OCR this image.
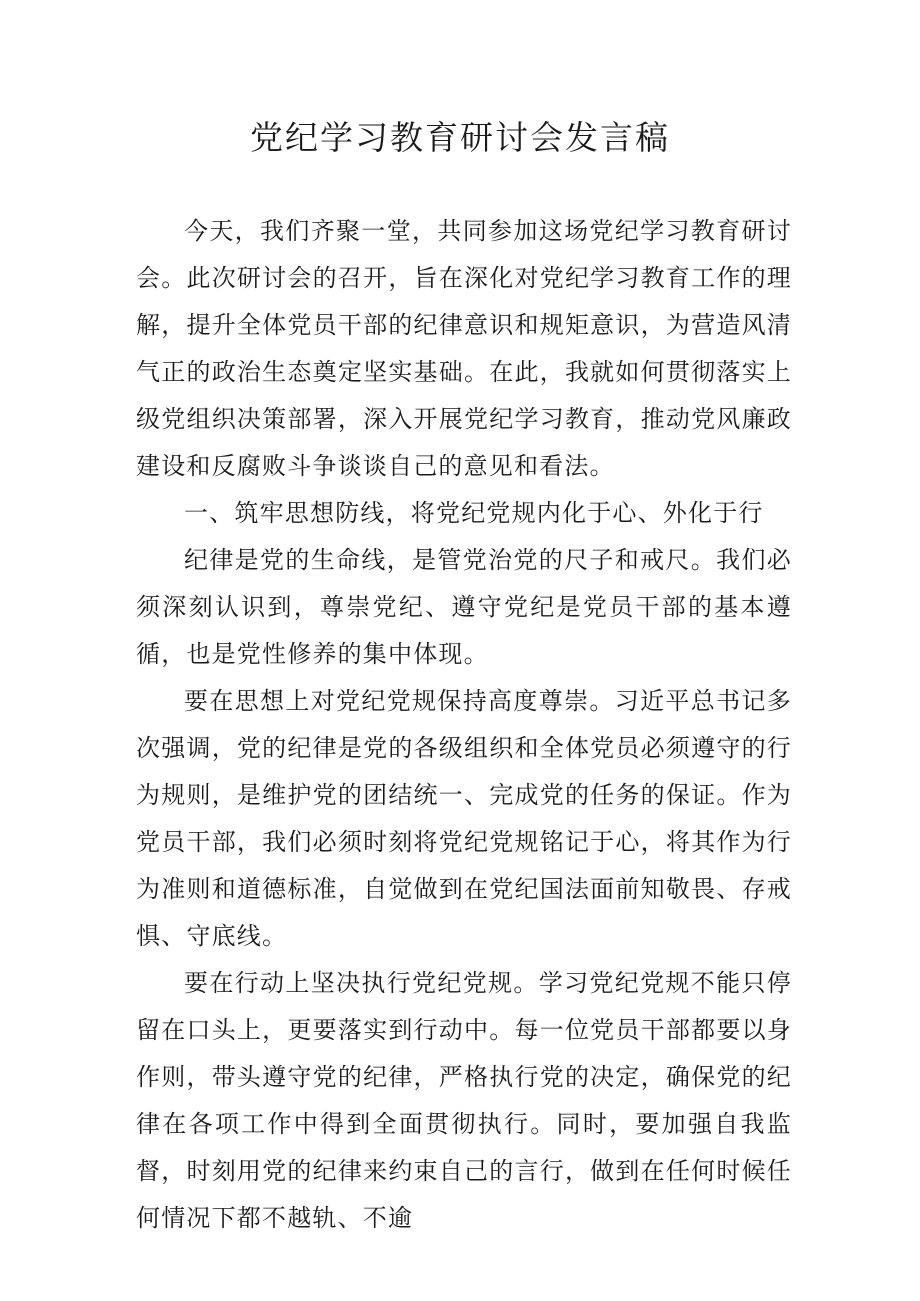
党纪学习教育研讨会发言稿

今天，我们齐聚一堂，共同参加这场党纪学习教育研讨会。此次研讨会的召开，旨在深化对党纪学习教育工作的理解，提升全体党员干部的纪律意识和规矩意识，为营造风清气正的政治生态奠定坚实基础。在此，我就如何贯彻落实上级党组织决策部署，深入开展党纪学习教育，推动党风廉政建设和反腐败斗争谈谈自己的意见和看法。

一、筑牢思想防线，将党纪党规内化于心、外化于行

纪律是党的生命线，是管党治党的尺子和戒尺。我们必须深刻认识到，尊崇党纪、遵守党纪是党员干部的基本遵循，也是党性修养的集中体现。

要在思想上对党纪党规保持高度尊崇。习近平总书记多次强调，党的纪律是党的各级组织和全体党员必须遵守的行为规则，是维护党的团结统一、完成党的任务的保证。作为党员干部，我们必须时刻将党纪党规铭记于心，将其作为行为准则和道德标准，自觉做到在党纪国法面前知敬畏、存戒惧、守底线。

要在行动上坚决执行党纪党规。学习党纪党规不能只停留在口头上，更要落实到行动中。每一位党员干部都要以身作则，带头遵守党的纪律，严格执行党的决定，确保党的纪律在各项工作中得到全面贯彻执行。同时，要加强自我监督，时刻用党的纪律来约束自己的言行，做到在任何时候任何情况下都不越轨、不逾
